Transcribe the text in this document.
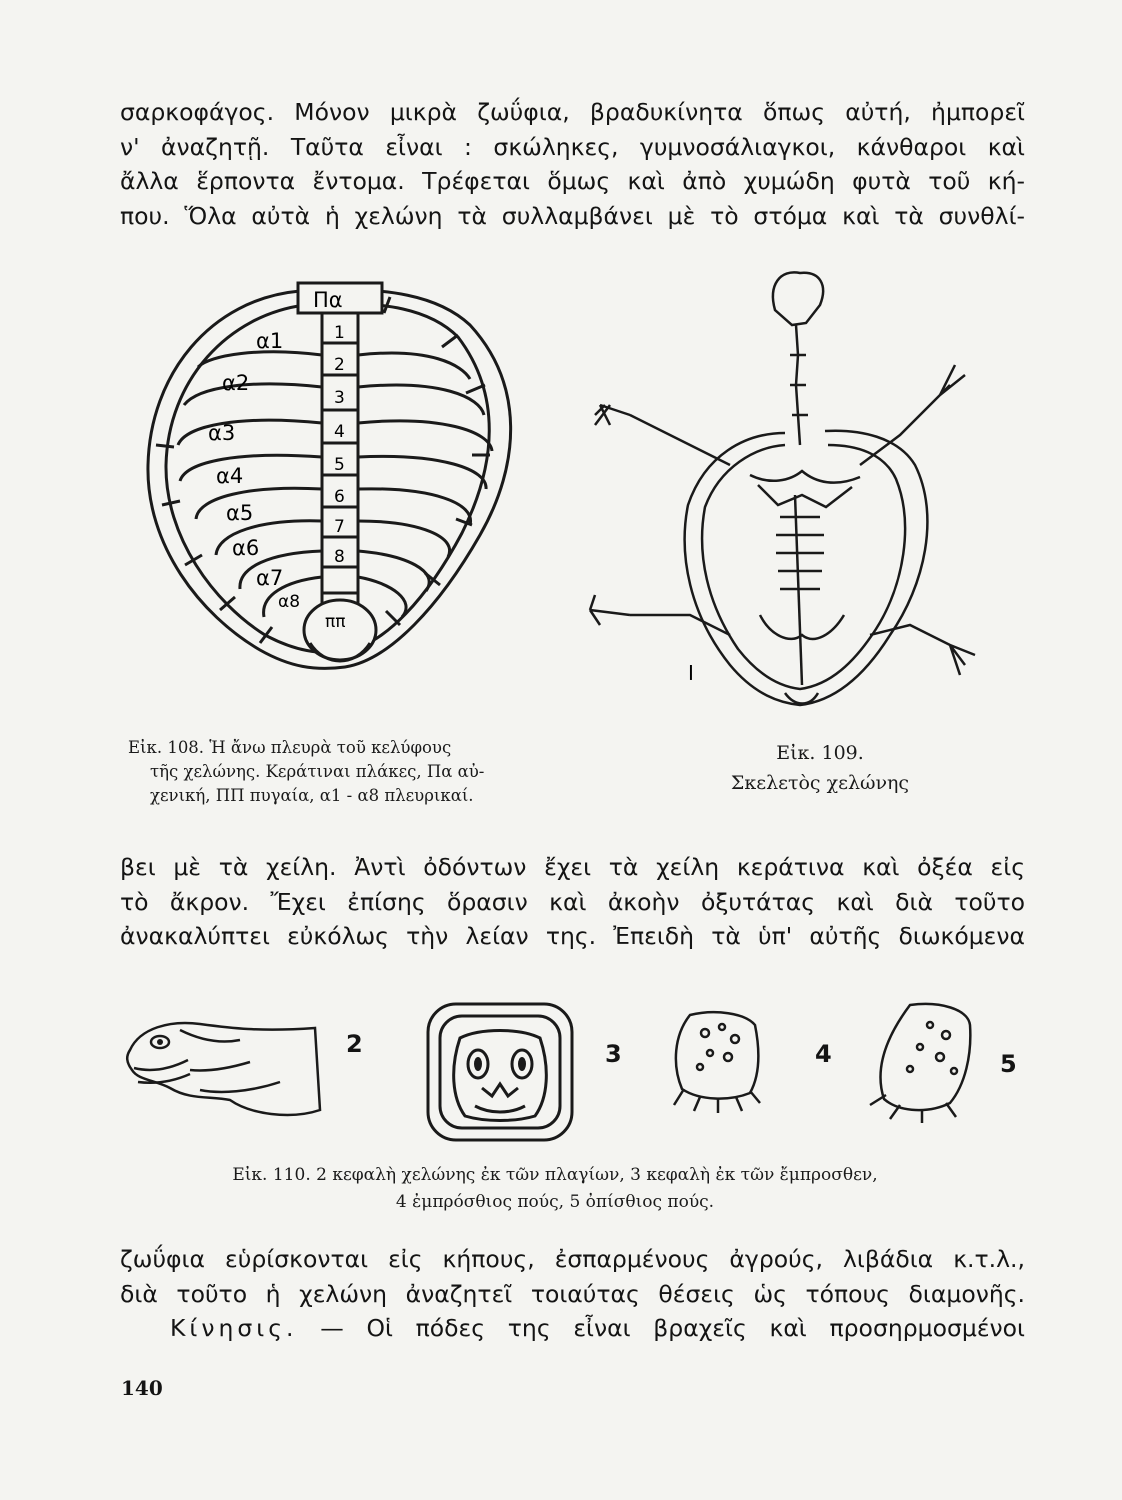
σαρκοφάγος. Μόνον μικρὰ ζωΰφια, βραδυκίνητα ὅπως αὐτή, ἠμπορεῖ
ν' ἀναζητῇ. Ταῦτα εἶναι : σκώληκες, γυμνοσάλιαγκοι, κάνθαροι καὶ
ἄλλα ἕρποντα ἔντομα. Τρέφεται ὅμως καὶ ἀπὸ χυμώδη φυτὰ τοῦ κή-
που. Ὅλα αὐτὰ ἡ χελώνη τὰ συλλαμβάνει μὲ τὸ στόμα καὶ τὰ συνθλί-
Πα
ππ
1
2
3
4
5
6
7
8
α1
α2
α3
α4
α5
α6
α7
α8
Εἰκ. 108. Ἡ ἄνω πλευρὰ τοῦ κελύφους
τῆς χελώνης. Κεράτιναι πλάκες, Πα αὐ-
χενική, ΠΠ πυγαία, α1 - α8 πλευρικαί.
Ι
Εἰκ. 109.
Σκελετὸς χελώνης
βει μὲ τὰ χείλη. Ἀντὶ ὀδόντων ἔχει τὰ χείλη κεράτινα καὶ ὀξέα εἰς
τὸ ἄκρον. Ἔχει ἐπίσης ὅρασιν καὶ ἀκοὴν ὀξυτάτας καὶ διὰ τοῦτο
ἀνακαλύπτει εὐκόλως τὴν λείαν της. Ἐπειδὴ τὰ ὑπ' αὐτῆς διωκόμενα
2	3	4	5
Εἰκ. 110. 2 κεφαλὴ χελώνης ἐκ τῶν πλαγίων, 3 κεφαλὴ ἐκ τῶν ἔμπροσθεν,
4 ἐμπρόσθιος πούς, 5 ὀπίσθιος πούς.
ζωΰφια εὑρίσκονται εἰς κήπους, ἐσπαρμένους ἀγρούς, λιβάδια κ.τ.λ.,
διὰ τοῦτο ἡ χελώνη ἀναζητεῖ τοιαύτας θέσεις ὡς τόπους διαμονῆς.
Κίνησις. — Οἱ πόδες της εἶναι βραχεῖς καὶ προσηρμοσμένοι
140
